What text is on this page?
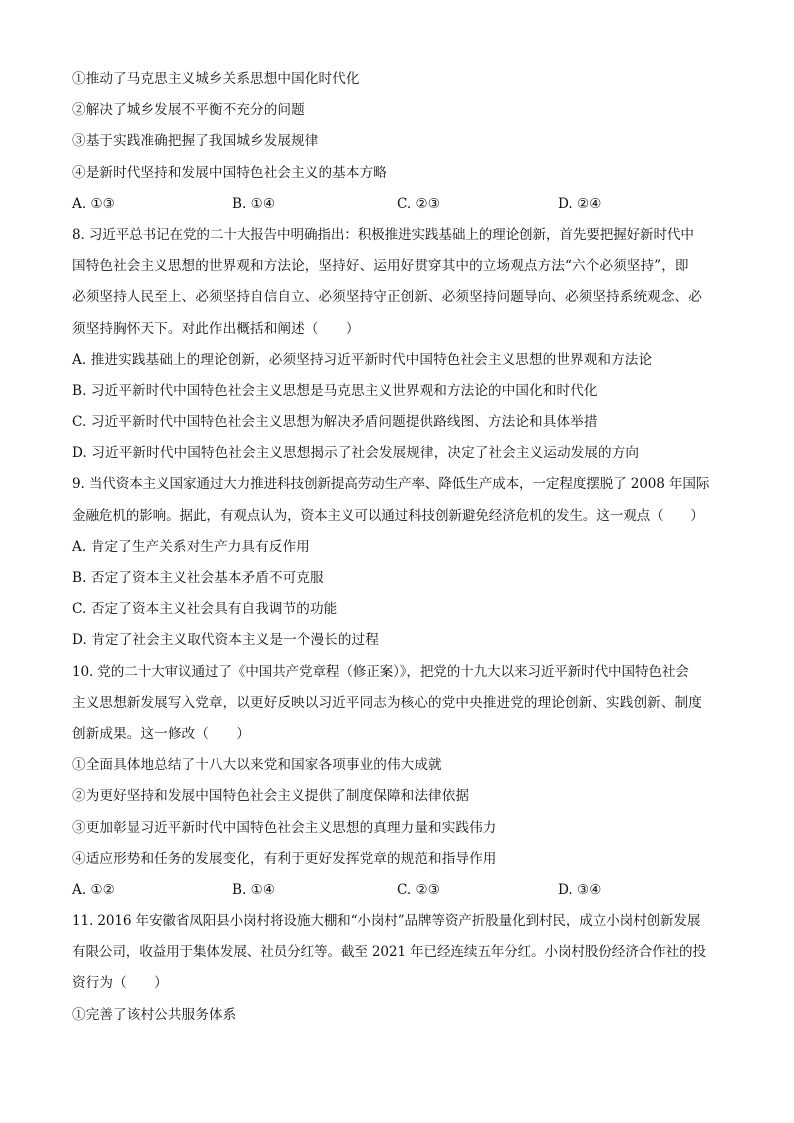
①推动了马克思主义城乡关系思想中国化时代化
②解决了城乡发展不平衡不充分的问题
③基于实践准确把握了我国城乡发展规律
④是新时代坚持和发展中国特色社会主义的基本方略
A. ①③	B. ①④	C. ②③	D. ②④
8. 习近平总书记在党的二十大报告中明确指出：积极推进实践基础上的理论创新，首先要把握好新时代中
国特色社会主义思想的世界观和方法论，坚持好、运用好贯穿其中的立场观点方法“六个必须坚持”，即
必须坚持人民至上、必须坚持自信自立、必须坚持守正创新、必须坚持问题导向、必须坚持系统观念、必
须坚持胸怀天下。对此作出概括和阐述（　　）
A. 推进实践基础上的理论创新，必须坚持习近平新时代中国特色社会主义思想的世界观和方法论
B. 习近平新时代中国特色社会主义思想是马克思主义世界观和方法论的中国化和时代化
C. 习近平新时代中国特色社会主义思想为解决矛盾问题提供路线图、方法论和具体举措
D. 习近平新时代中国特色社会主义思想揭示了社会发展规律，决定了社会主义运动发展的方向
9. 当代资本主义国家通过大力推进科技创新提高劳动生产率、降低生产成本，一定程度摆脱了 2008 年国际
金融危机的影响。据此，有观点认为，资本主义可以通过科技创新避免经济危机的发生。这一观点（　　）
A. 肯定了生产关系对生产力具有反作用
B. 否定了资本主义社会基本矛盾不可克服
C. 否定了资本主义社会具有自我调节的功能
D. 肯定了社会主义取代资本主义是一个漫长的过程
10. 党的二十大审议通过了《中国共产党章程（修正案）》，把党的十九大以来习近平新时代中国特色社会
主义思想新发展写入党章，以更好反映以习近平同志为核心的党中央推进党的理论创新、实践创新、制度
创新成果。这一修改（　　）
①全面具体地总结了十八大以来党和国家各项事业的伟大成就
②为更好坚持和发展中国特色社会主义提供了制度保障和法律依据
③更加彰显习近平新时代中国特色社会主义思想的真理力量和实践伟力
④适应形势和任务的发展变化，有利于更好发挥党章的规范和指导作用
A. ①②	B. ①④	C. ②③	D. ③④
11. 2016 年安徽省凤阳县小岗村将设施大棚和“小岗村”品牌等资产折股量化到村民，成立小岗村创新发展
有限公司，收益用于集体发展、社员分红等。截至 2021 年已经连续五年分红。小岗村股份经济合作社的投
资行为（　　）
①完善了该村公共服务体系
